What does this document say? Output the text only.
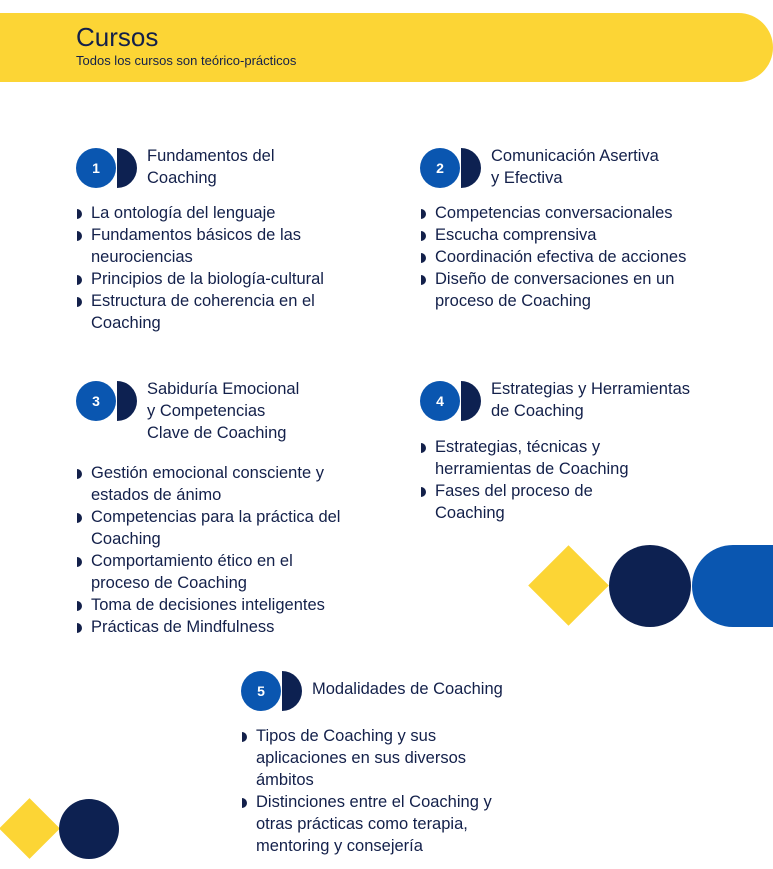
Cursos
Todos los cursos son teórico-prácticos
1
Fundamentos del
Coaching
La ontología del lenguaje
Fundamentos básicos de las neurociencias
Principios de la biología-cultural
Estructura de coherencia en el Coaching
2
Comunicación Asertiva
y Efectiva
Competencias conversacionales
Escucha comprensiva
Coordinación efectiva de acciones
Diseño de conversaciones en un proceso de Coaching
3
Sabiduría Emocional
y Competencias
Clave de Coaching
Gestión emocional consciente y estados de ánimo
Competencias para la práctica del Coaching
Comportamiento ético en el proceso de Coaching
Toma de decisiones inteligentes
Prácticas de Mindfulness
4
Estrategias y Herramientas
de Coaching
Estrategias, técnicas y herramientas de Coaching
Fases del proceso de Coaching
5	Modalidades de Coaching
Tipos de Coaching y sus aplicaciones en sus diversos ámbitos
Distinciones entre el Coaching y otras prácticas como terapia, mentoring y consejería
